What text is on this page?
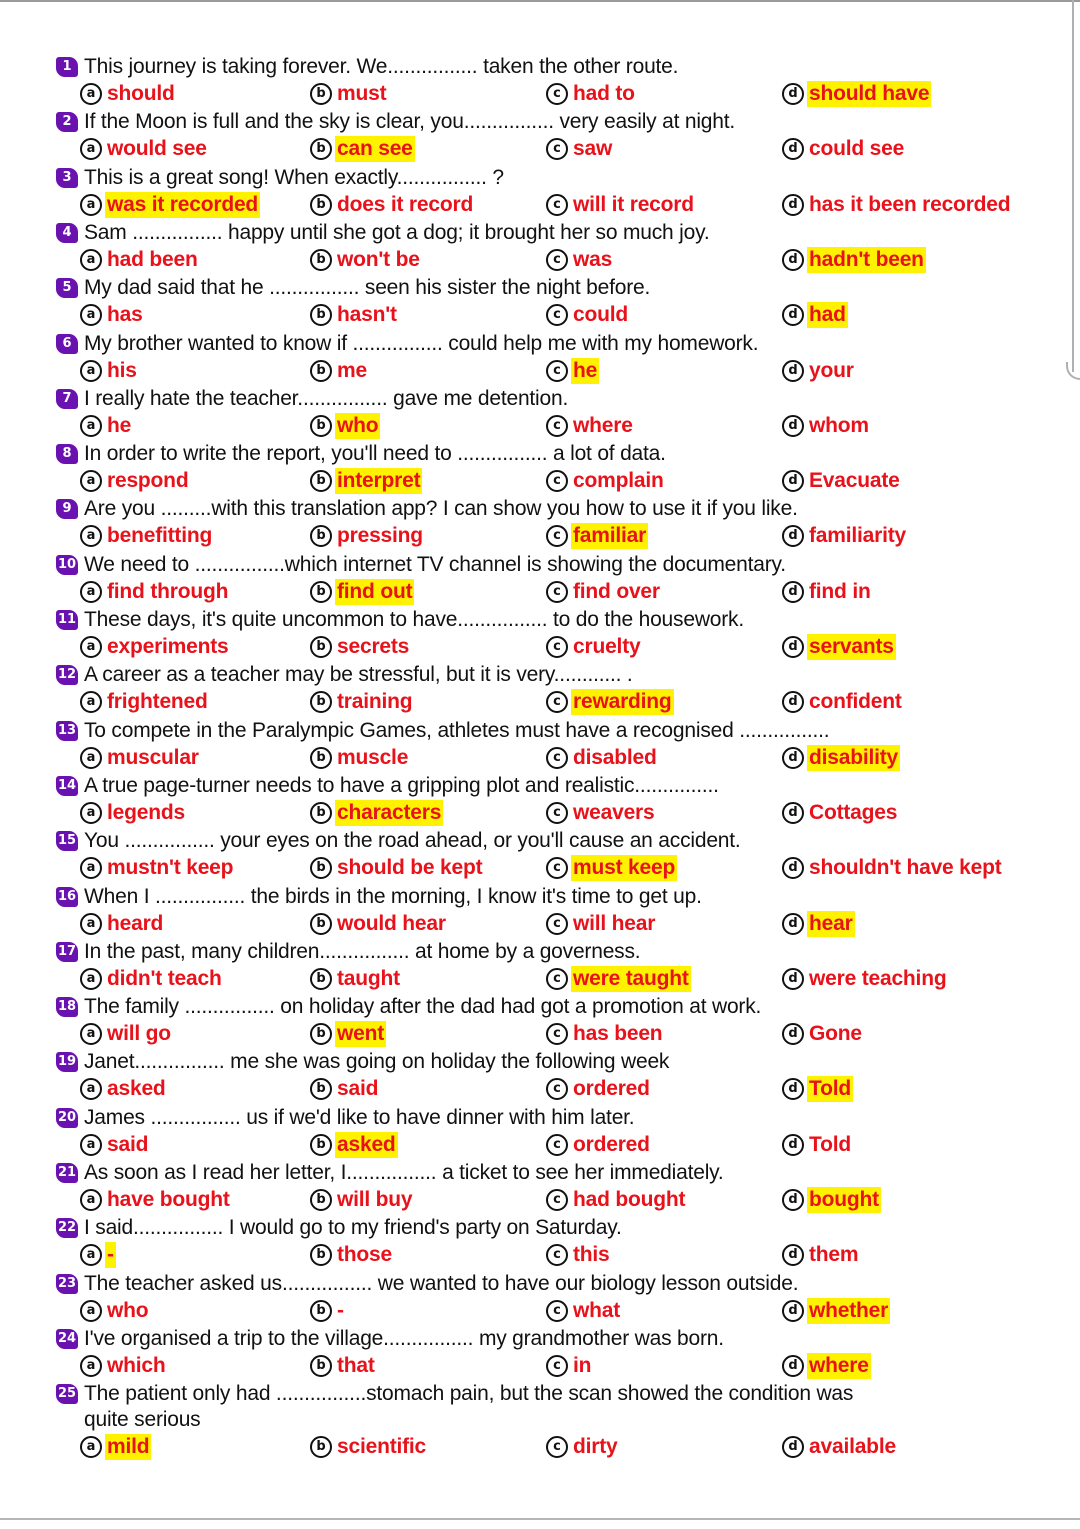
1 This journey is taking forever. We................ taken the other route.
a should	b must	c had to	d should have
2 If the Moon is full and the sky is clear, you................ very easily at night.
a would see	b can see	c saw	d could see
3 This is a great song! When exactly................ ?
a was it recorded	b does it record	c will it record	d has it been recorded
4 Sam ................ happy until she got a dog; it brought her so much joy.
a had been	b won't be	c was	d hadn't been
5 My dad said that he ................ seen his sister the night before.
a has	b hasn't	c could	d had
6 My brother wanted to know if ................ could help me with my homework.
a his	b me	c he	d your
7 I really hate the teacher................ gave me detention.
a he	b who	c where	d whom
8 In order to write the report, you'll need to ................ a lot of data.
a respond	b interpret	c complain	d Evacuate
9 Are you .........with this translation app? I can show you how to use it if you like.
a benefitting	b pressing	c familiar	d familiarity
10 We need to ................which internet TV channel is showing the documentary.
a find through	b find out	c find over	d find in
11 These days, it's quite uncommon to have................ to do the housework.
a experiments	b secrets	c cruelty	d servants
12 A career as a teacher may be stressful, but it is very............ .
a frightened	b training	c rewarding	d confident
13 To compete in the Paralympic Games, athletes must have a recognised ................
a muscular	b muscle	c disabled	d disability
14 A true page-turner needs to have a gripping plot and realistic...............
a legends	b characters	c weavers	d Cottages
15 You ................ your eyes on the road ahead, or you'll cause an accident.
a mustn't keep	b should be kept	c must keep	d shouldn't have kept
16 When I ................ the birds in the morning, I know it's time to get up.
a heard	b would hear	c will hear	d hear
17 In the past, many children................ at home by a governess.
a didn't teach	b taught	c were taught	d were teaching
18 The family ................ on holiday after the dad had got a promotion at work.
a will go	b went	c has been	d Gone
19 Janet................ me she was going on holiday the following week
a asked	b said	c ordered	d Told
20 James ................ us if we'd like to have dinner with him later.
a said	b asked	c ordered	d Told
21 As soon as I read her letter, I................ a ticket to see her immediately.
a have bought	b will buy	c had bought	d bought
22 I said................ I would go to my friend's party on Saturday.
a -	b those	c this	d them
23 The teacher asked us................ we wanted to have our biology lesson outside.
a who	b -	c what	d whether
24 I've organised a trip to the village................ my grandmother was born.
a which	b that	c in	d where
25 The patient only had ................stomach pain, but the scan showed the condition was
quite serious
a mild	b scientific	c dirty	d available
